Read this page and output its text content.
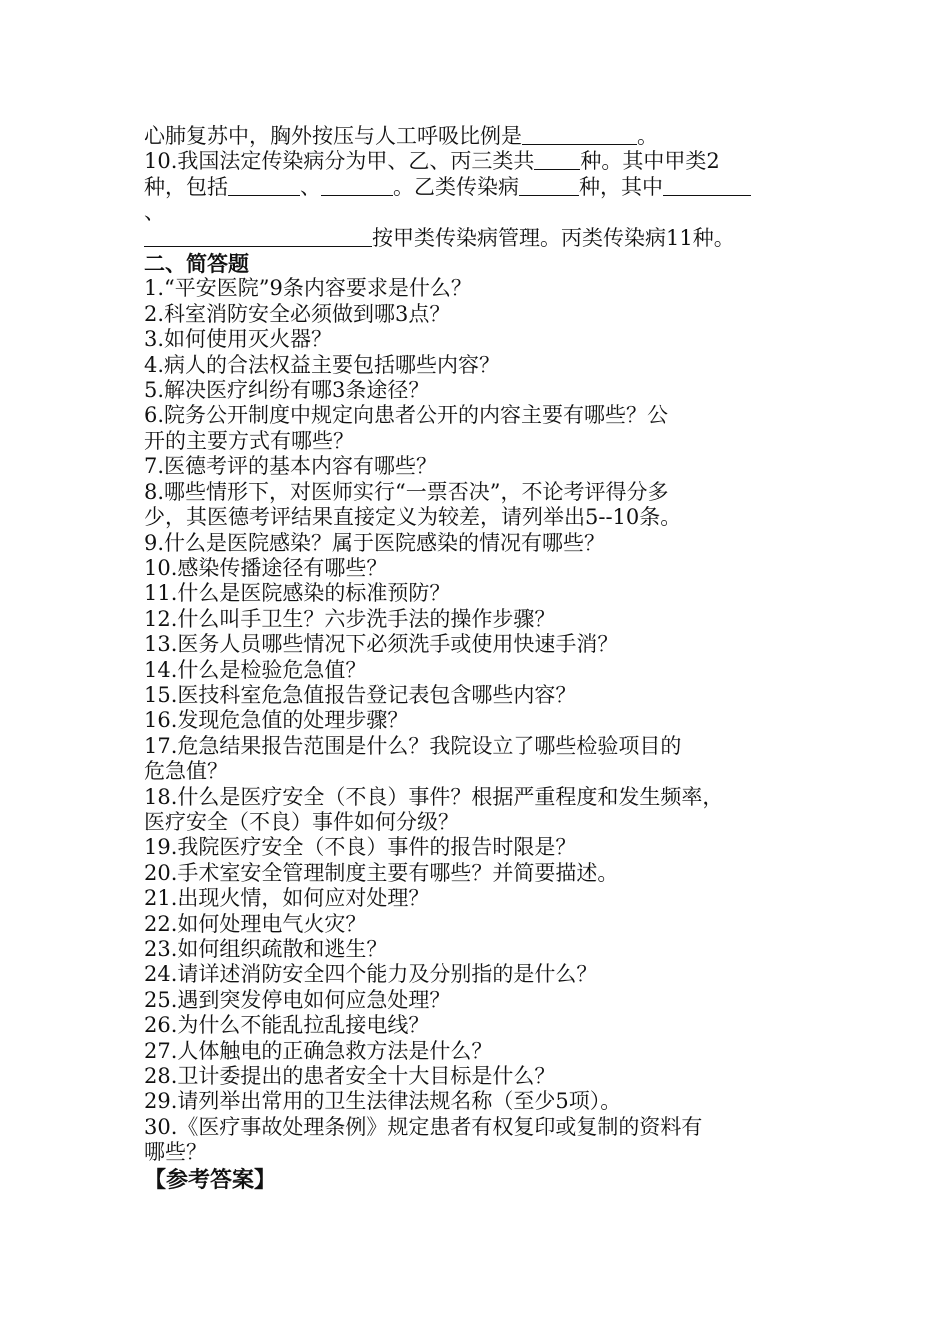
心肺复苏中，胸外按压与人工呼吸比例是	。
10.我国法定传染病分为甲、乙、丙三类共 种。其中甲类2
种，包括	、	。乙类传染病	种，其中
、
按甲类传染病管理。丙类传染病11种。
二、简答题
1.“平安医院”9条内容要求是什么？
2.科室消防安全必须做到哪3点？
3.如何使用灭火器？
4.病人的合法权益主要包括哪些内容？
5.解决医疗纠纷有哪3条途径？
6.院务公开制度中规定向患者公开的内容主要有哪些？公
开的主要方式有哪些？
7.医德考评的基本内容有哪些？
8.哪些情形下，对医师实行“一票否决”，不论考评得分多
少，其医德考评结果直接定义为较差，请列举出5--10条。
9.什么是医院感染？属于医院感染的情况有哪些？
10.感染传播途径有哪些？
11.什么是医院感染的标准预防？
12.什么叫手卫生？六步洗手法的操作步骤？
13.医务人员哪些情况下必须洗手或使用快速手消？
14.什么是检验危急值？
15.医技科室危急值报告登记表包含哪些内容？
16.发现危急值的处理步骤？
17.危急结果报告范围是什么？我院设立了哪些检验项目的
危急值？
18.什么是医疗安全（不良）事件？根据严重程度和发生频率，
医疗安全（不良）事件如何分级？
19.我院医疗安全（不良）事件的报告时限是？
20.手术室安全管理制度主要有哪些？并简要描述。
21.出现火情，如何应对处理？
22.如何处理电气火灾？
23.如何组织疏散和逃生？
24.请详述消防安全四个能力及分别指的是什么？
25.遇到突发停电如何应急处理？
26.为什么不能乱拉乱接电线？
27.人体触电的正确急救方法是什么？
28.卫计委提出的患者安全十大目标是什么？
29.请列举出常用的卫生法律法规名称（至少5项）。
30.《医疗事故处理条例》规定患者有权复印或复制的资料有
哪些？
【参考答案】
